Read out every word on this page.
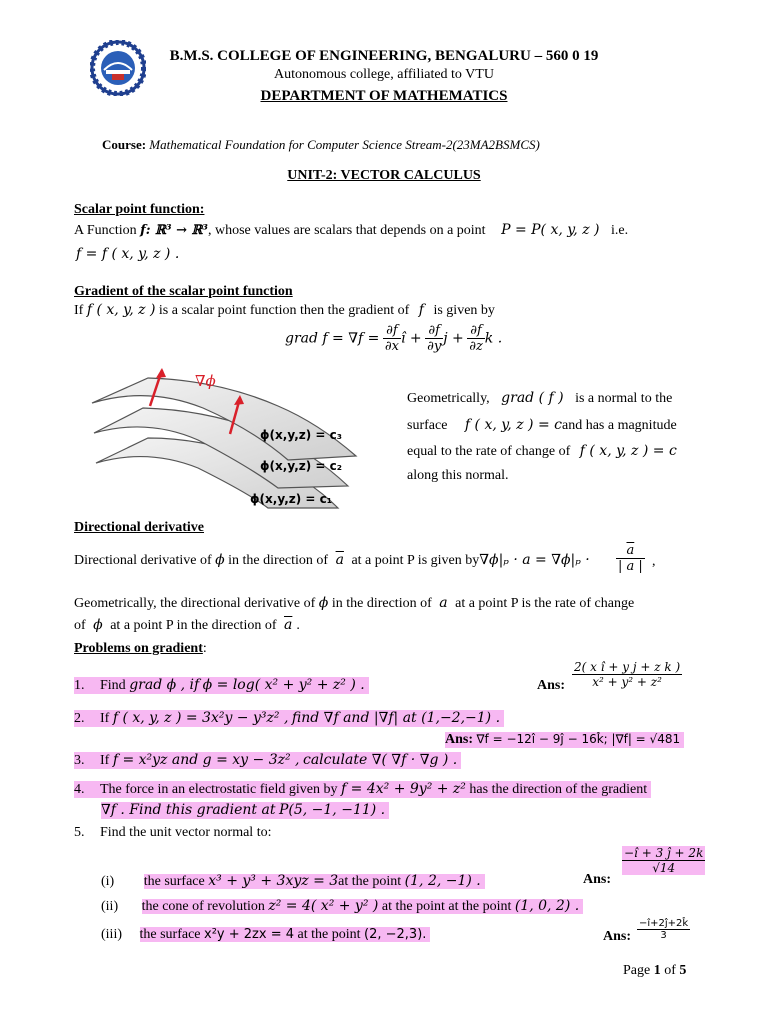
B.M.S. COLLEGE OF ENGINEERING, BENGALURU – 560 0 19
Autonomous college, affiliated to VTU
DEPARTMENT OF MATHEMATICS
Course: Mathematical Foundation for Computer Science Stream-2(23MA2BSMCS)
UNIT-2: VECTOR CALCULUS
Scalar point function:
A Function f: ℝ³ → ℝ³, whose values are scalars that depends on a point P = P( x, y, z ) i.e.
f = f ( x, y, z ) .
Gradient of the scalar point function
If f ( x, y, z ) is a scalar point function then the gradient of f is given by
grad $f = \nabla f = \frac{\partial f}{\partial x}$ î + $\frac{\partial f}{\partial y}$ $j + \frac{\partial f}{\partial z}$ k .
∇ϕ
ϕ(x,y,z) = c₃
ϕ(x,y,z) = c₂
ϕ(x,y,z) = c₁
Geometrically, grad ( f ) is a normal to the
surface f ( x, y, z ) = cand has a magnitude
equal to the rate of change of f ( x, y, z ) = c
along this normal.
Directional derivative
Directional derivative of ϕ in the direction of $\overline{a}$ at a point P is given $by\nabla\phi|_p \cdot a = \nabla\phi|_p \cdot \frac{\overline{a}}{| a |}$ ,
Geometrically, the directional derivative of ϕ in the direction of a at a point P is the rate of change
of ϕ at a point P in the direction of $\overline{a}$ .
Problems on gradient:
Ans: $\frac{\text{2( x î + y j + z k )}}{\text{x² + y² + z²}}$
1. Find grad ϕ , if ϕ = log( x² + y² + z² ) .
2. If f ( x, y, z ) = 3x²y − y³z² , find ∇f and |∇f| at (1,−2,−1) .
Ans: ∇f = −12î − 9ĵ − 16k̂; |∇f| = √481
3. If f = x²yz and g = xy − 3z² , calculate ∇( ∇f · ∇g ) .
4. The force in an electrostatic field given by f = 4x² + 9y² + z² has the direction of the gradient
∇f . Find this gradient at P(5, −1, −11) .
5. Find the unit vector normal to:
$\frac{-î + 3 ĵ + 2k}{√14}$
Ans:
(i) the surface x³ + y³ + 3xyz = 3at the point (1, 2, −1) .
(ii) the cone of revolution z² = 4( x² + y² ) at the point at the point (1, 0, 2) .
(iii) the surface x²y + 2zx = 4 at the point (2, −2,3).	Ans: $\frac{-î+2ĵ+2k̂}{3}$
Page 1 of 5
